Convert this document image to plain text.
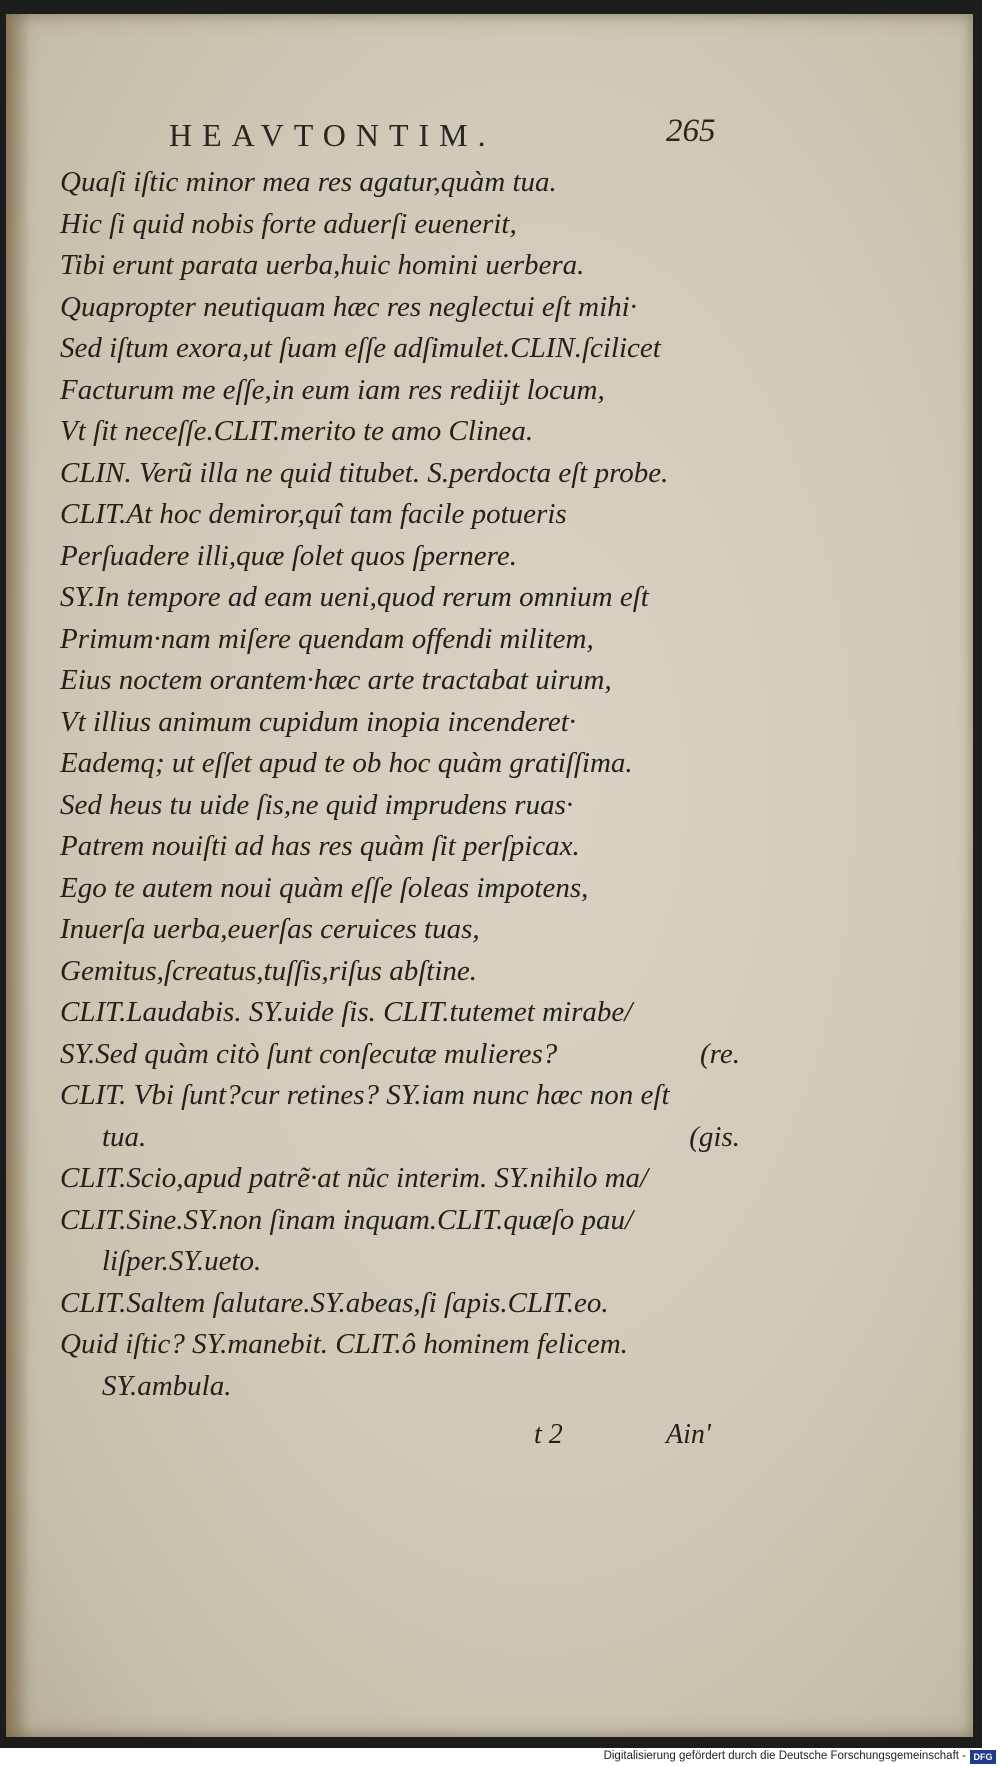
HEAVTONTIM.	265
Quaſi iſtic minor mea res agatur,quàm tua.
Hic ſi quid nobis forte aduerſi euenerit,
Tibi erunt parata uerba,huic homini uerbera.
Quapropter neutiquam hæc res neglectui eſt mihi·
Sed iſtum exora,ut ſuam eſſe adſimulet.CLIN.ſcilicet
Facturum me eſſe,in eum iam res rediijt locum,
Vt ſit neceſſe.CLIT.merito te amo Clinea.
CLIN. Verũ illa ne quid titubet. S.perdocta eſt probe.
CLIT.At hoc demiror,quî tam facile potueris
Perſuadere illi,quæ ſolet quos ſpernere.
SY.In tempore ad eam ueni,quod rerum omnium eſt
Primum·nam miſere quendam offendi militem,
Eius noctem orantem·hæc arte tractabat uirum,
Vt illius animum cupidum inopia incenderet·
Eademq; ut eſſet apud te ob hoc quàm gratiſſima.
Sed heus tu uide ſis,ne quid imprudens ruas·
Patrem nouiſti ad has res quàm ſit perſpicax.
Ego te autem noui quàm eſſe ſoleas impotens,
Inuerſa uerba,euerſas ceruices tuas,
Gemitus,ſcreatus,tuſſis,riſus abſtine.
CLIT.Laudabis. SY.uide ſis. CLIT.tutemet mirabe/
SY.Sed quàm citò ſunt conſecutæ mulieres?	(re.
CLIT. Vbi ſunt?cur retines? SY.iam nunc hæc non eſt
tua.	(gis.
CLIT.Scio,apud patrẽ·at nũc interim. SY.nihilo ma/
CLIT.Sine.SY.non ſinam inquam.CLIT.quæſo pau/
liſper.SY.ueto.
CLIT.Saltem ſalutare.SY.abeas,ſi ſapis.CLIT.eo.
Quid iſtic? SY.manebit. CLIT.ô hominem felicem.
SY.ambula.
t 2	Ain'
Digitalisierung gefördert durch die Deutsche Forschungsgemeinschaft - DFG
